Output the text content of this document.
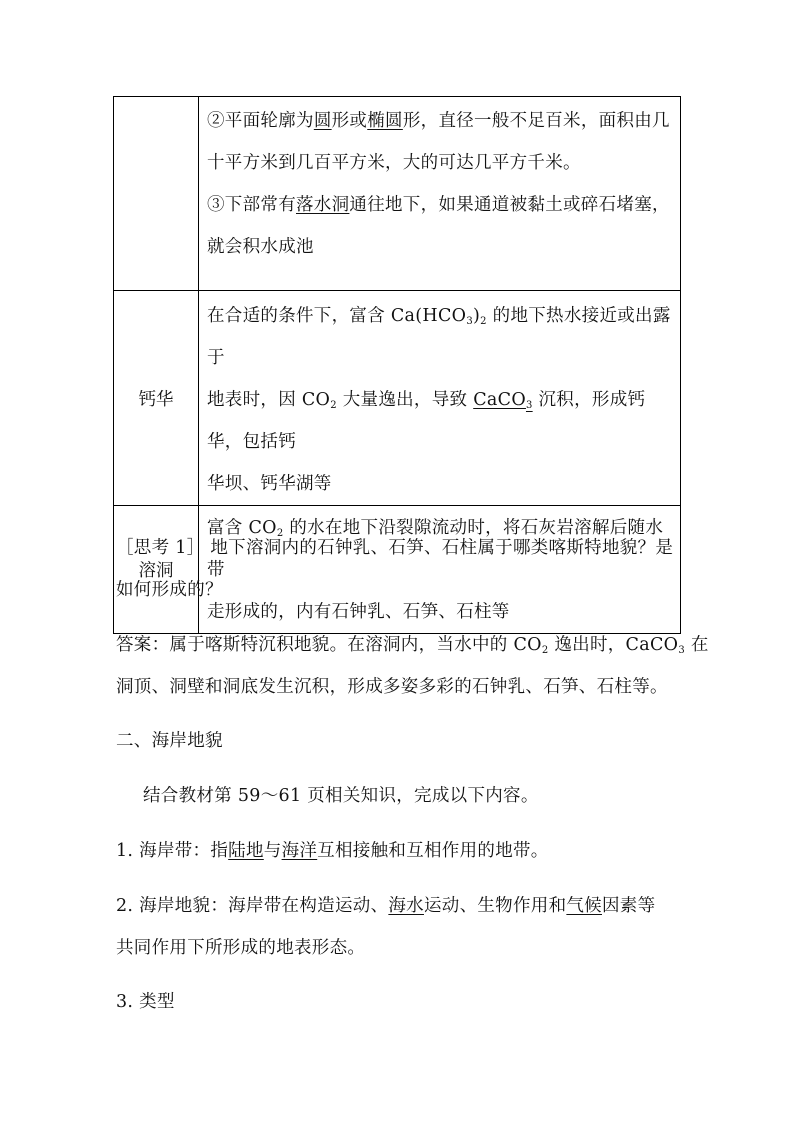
	②平面轮廓为圆形或椭圆形，直径一般不足百米，面积由几
十平方米到几百平方米，大的可达几平方千米。

③下部常有落水洞通往地下，如果通道被黏土或碎石堵塞，
就会积水成池

钙华	在合适的条件下，富含 $Ca(HCO_3)_2$ 的地下热水接近或出露于
地表时，因 $CO_2$ 大量逸出，导致 CaCO$_3$ 沉积，形成钙华，包括钙
华坝、钙华湖等

溶洞	富含 $CO_2$ 的水在地下沿裂隙流动时，将石灰岩溶解后随水带
走形成的，内有石钟乳、石笋、石柱等

［思考 1］ 地下溶洞内的石钟乳、石笋、石柱属于哪类喀斯特地貌？是
如何形成的？
答案：属于喀斯特沉积地貌。在溶洞内，当水中的 $CO_2$ 逸出时，CaCO$_3$ 在
洞顶、洞壁和洞底发生沉积，形成多姿多彩的石钟乳、石笋、石柱等。
二、海岸地貌
结合教材第 59～61 页相关知识，完成以下内容。
1. 海岸带：指陆地与海洋互相接触和互相作用的地带。
2. 海岸地貌：海岸带在构造运动、海水运动、生物作用和气候因素等
共同作用下所形成的地表形态。
3. 类型
